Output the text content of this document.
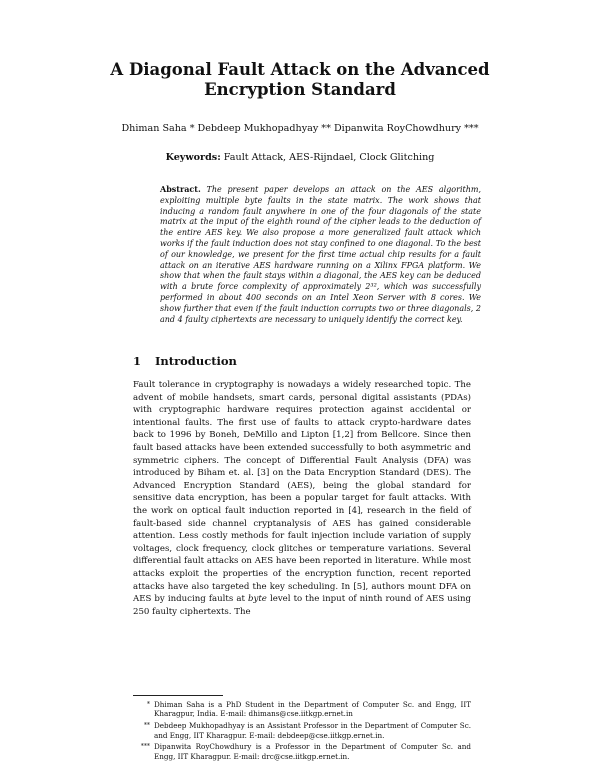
A Diagonal Fault Attack on the Advanced
Encryption Standard
Dhiman Saha * Debdeep Mukhopadhyay ** Dipanwita RoyChowdhury ***
Keywords: Fault Attack, AES-Rijndael, Clock Glitching
Abstract. The present paper develops an attack on the AES algorithm, exploiting multiple byte faults in the state matrix. The work shows that inducing a random fault anywhere in one of the four diagonals of the state matrix at the input of the eighth round of the cipher leads to the deduction of the entire AES key. We also propose a more generalized fault attack which works if the fault induction does not stay confined to one diagonal. To the best of our knowledge, we present for the first time actual chip results for a fault attack on an iterative AES hardware running on a Xilinx FPGA platform. We show that when the fault stays within a diagonal, the AES key can be deduced with a brute force complexity of approximately 2³², which was successfully performed in about 400 seconds on an Intel Xeon Server with 8 cores. We show further that even if the fault induction corrupts two or three diagonals, 2 and 4 faulty ciphertexts are necessary to uniquely identify the correct key.
1 Introduction
Fault tolerance in cryptography is nowadays a widely researched topic. The advent of mobile handsets, smart cards, personal digital assistants (PDAs) with cryptographic hardware requires protection against accidental or intentional faults. The first use of faults to attack crypto-hardware dates back to 1996 by Boneh, DeMillo and Lipton [1,2] from Bellcore. Since then fault based attacks have been extended successfully to both asymmetric and symmetric ciphers. The concept of Differential Fault Analysis (DFA) was introduced by Biham et. al. [3] on the Data Encryption Standard (DES). The Advanced Encryption Standard (AES), being the global standard for sensitive data encryption, has been a popular target for fault attacks. With the work on optical fault induction reported in [4], research in the field of fault-based side channel cryptanalysis of AES has gained considerable attention. Less costly methods for fault injection include variation of supply voltages, clock frequency, clock glitches or temperature variations. Several differential fault attacks on AES have been reported in literature. While most attacks exploit the properties of the encryption function, recent reported attacks have also targeted the key scheduling. In [5], authors mount DFA on AES by inducing faults at byte level to the input of ninth round of AES using 250 faulty ciphertexts. The
* Dhiman Saha is a PhD Student in the Department of Computer Sc. and Engg, IIT Kharagpur, India. E-mail: dhimans@cse.iitkgp.ernet.in
** Debdeep Mukhopadhyay is an Assistant Professor in the Department of Computer Sc. and Engg, IIT Kharagpur. E-mail: debdeep@cse.iitkgp.ernet.in.
*** Dipanwita RoyChowdhury is a Professor in the Department of Computer Sc. and Engg, IIT Kharagpur. E-mail: drc@cse.iitkgp.ernet.in.
